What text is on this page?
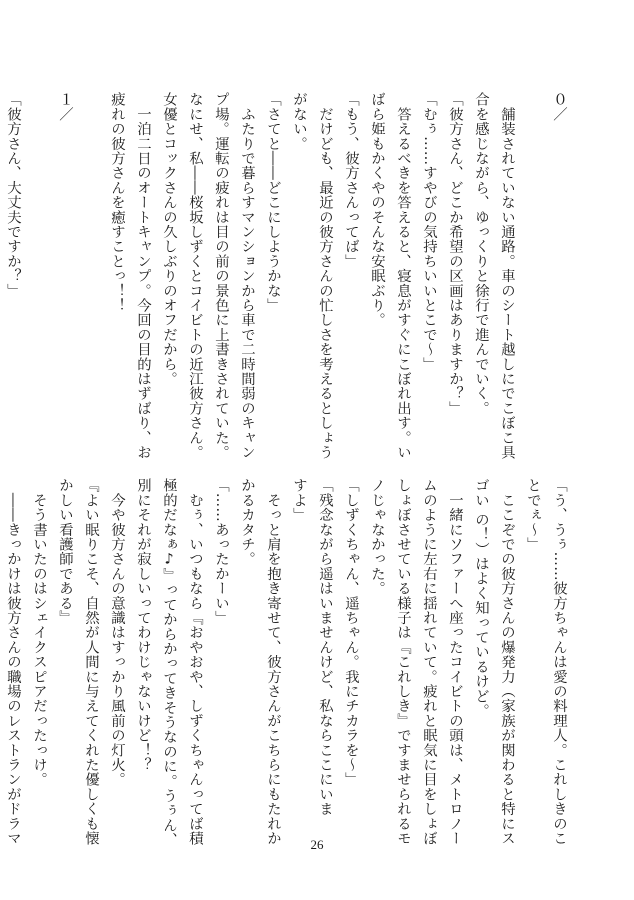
０／

　舗装されていない通路。車のシート越しにでこぼこ具
合を感じながら、ゆっくりと徐行で進んでいく。
「彼方さん、どこか希望の区画はありますか？」
「むぅ……すやびの気持ちいいとこで～」
　答えるべきを答えると、寝息がすぐにこぼれ出す。い
ばら姫もかくやのそんな安眠ぶり。
「もう、彼方さんってば」
　だけども、最近の彼方さんの忙しさを考えるとしょう
がない。
「さてと――どこにしようかな」
　ふたりで暮らすマンションから車で二時間弱のキャン
プ場。運転の疲れは目の前の景色に上書きされていた。
なにせ、私――桜坂しずくとコイビトの近江彼方さん。
女優とコックさんの久しぶりのオフだから。
　一泊二日のオートキャンプ。今回の目的はずばり、お
疲れの彼方さんを癒すことっ！！

１／

「彼方さん、大丈夫ですか？」
「う、うぅ……彼方ちゃんは愛の料理人。これしきのこ
とでぇ～」
　ここぞでの彼方さんの爆発力（家族が関わると特にス
ゴい の！）はよく知っているけど。
　一緒にソファーへ座ったコイビトの頭は、メトロノー
ムのように左右に揺れていて。疲れと眠気に目をしょぼ
しょぼさせている様子は『これしき』ですませられるモ
ノじゃなかった。
「しずくちゃん、遥ちゃん。我にチカラを～」
「残念ながら遥はいませんけど、私ならここにいま
すよ」
　そっと肩を抱き寄せて、彼方さんがこちらにもたれか
かるカタチ。
「……あったかーい」
　むぅ、いつもなら『おやおや、しずくちゃんってば積
極的だなぁ♪』ってからかってきそうなのに。うぅん、
別にそれが寂しいってわけじゃないけど！？
　今や彼方さんの意識はすっかり風前の灯火。
『よい眠りこそ、自然が人間に与えてくれた優しくも懐
かしい看護師である』
　そう書いたのはシェイクスピアだったっけ。
　――きっかけは彼方さんの職場のレストランがドラマ	26
